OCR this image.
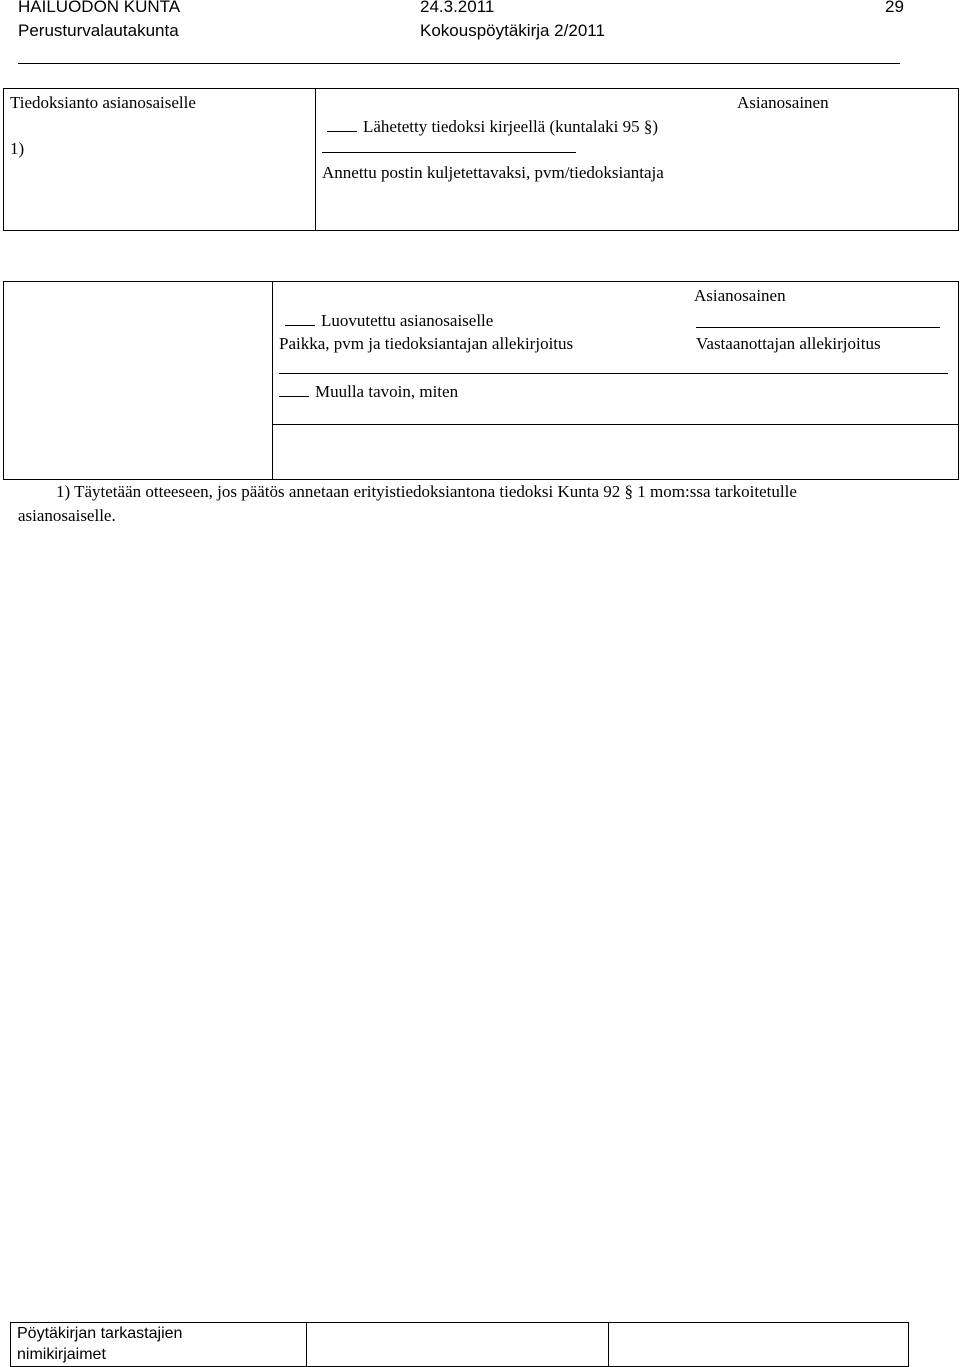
HAILUODON KUNTA	24.3.2011	29
Perusturvalautakunta	Kokouspöytäkirja 2/2011
Tiedoksianto asianosaiselle
1)
Asianosainen
Lähetetty tiedoksi kirjeellä (kuntalaki 95 §)
Annettu postin kuljetettavaksi, pvm/tiedoksiantaja
Asianosainen
Luovutettu asianosaiselle
Paikka, pvm ja tiedoksiantajan allekirjoitus	Vastaanottajan allekirjoitus
Muulla tavoin, miten
1) Täytetään otteeseen, jos päätös annetaan erityistiedoksiantona tiedoksi Kunta 92 § 1 mom:ssa tarkoitetulle
asianosaiselle.
Pöytäkirjan tarkastajien
nimikirjaimet
